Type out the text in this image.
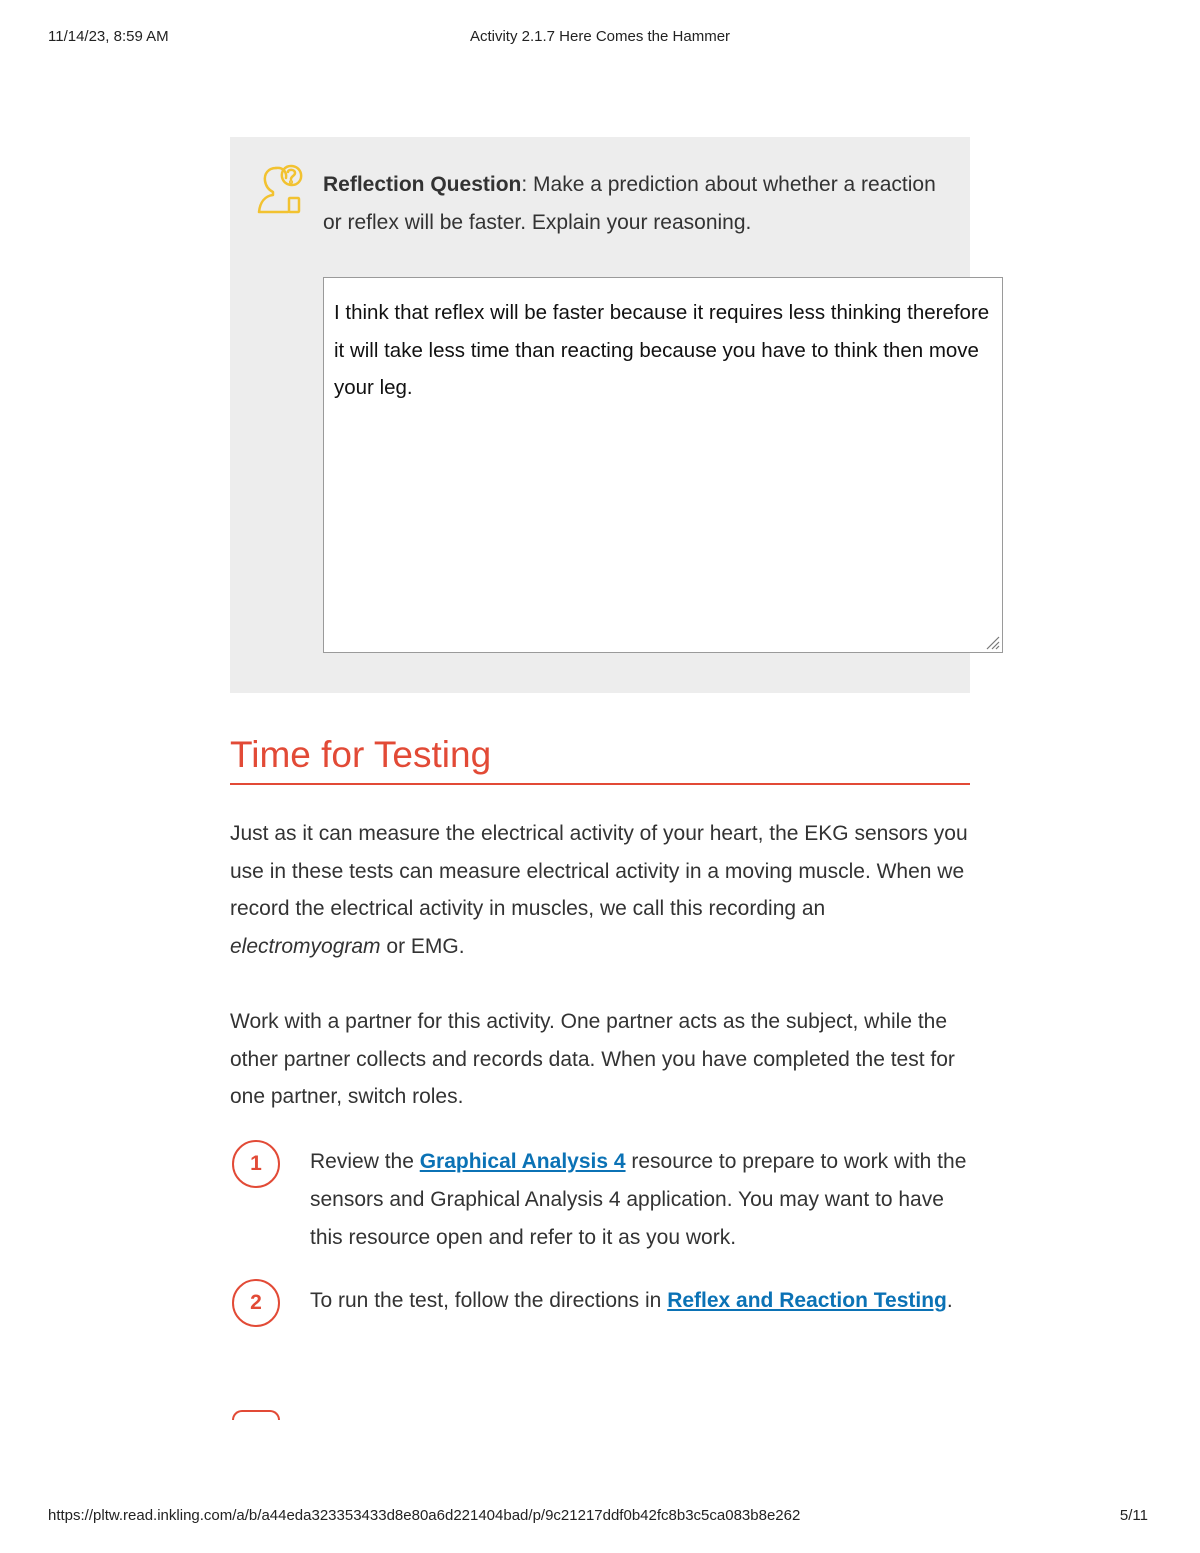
11/14/23, 8:59 AM	Activity 2.1.7 Here Comes the Hammer
Reflection Question: Make a prediction about whether a reaction or reflex will be faster. Explain your reasoning.
I think that reflex will be faster because it requires less thinking therefore it will take less time than reacting because you have to think then move your leg.
Time for Testing

Just as it can measure the electrical activity of your heart, the EKG sensors you use in these tests can measure electrical activity in a moving muscle. When we record the electrical activity in muscles, we call this recording an electromyogram or EMG.

Work with a partner for this activity. One partner acts as the subject, while the other partner collects and records data. When you have completed the test for one partner, switch roles.

1	Review the Graphical Analysis 4 resource to prepare to work with the sensors and Graphical Analysis 4 application. You may want to have this resource open and refer to it as you work.

2	To run the test, follow the directions in Reflex and Reaction Testing.

https://pltw.read.inkling.com/a/b/a44eda323353433d8e80a6d221404bad/p/9c21217ddf0b42fc8b3c5ca083b8e262	5/11
